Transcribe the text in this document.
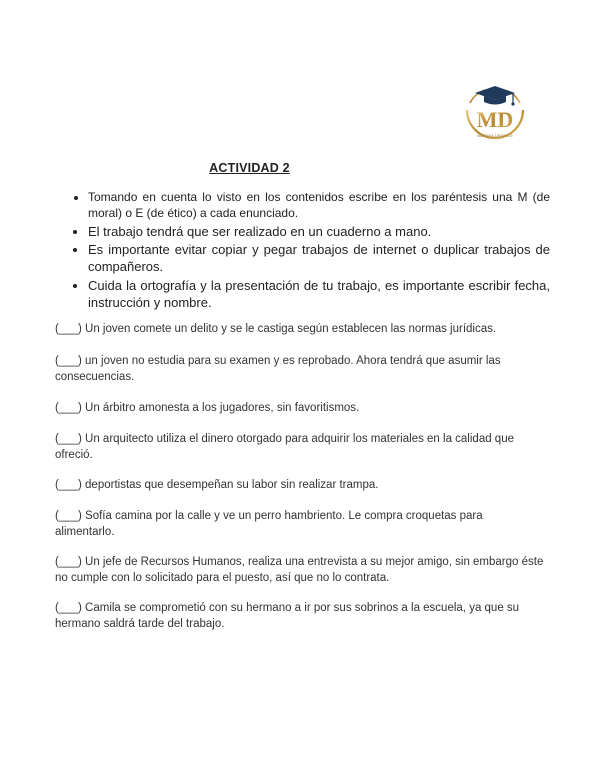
MD
MARTHA DEBAYLE
ACTIVIDAD 2
• Tomando en cuenta lo visto en los contenidos escribe en los paréntesis una M (de moral) o E (de ético) a cada enunciado.
• El trabajo tendrá que ser realizado en un cuaderno a mano.
• Es importante evitar copiar y pegar trabajos de internet o duplicar trabajos de compañeros.
• Cuida la ortografía y la presentación de tu trabajo, es importante escribir fecha, instrucción y nombre.

(___) Un joven comete un delito y se le castiga según establecen las normas jurídicas.

(___) un joven no estudia para su examen y es reprobado. Ahora tendrá que asumir las consecuencias.

(___) Un árbitro amonesta a los jugadores, sin favoritismos.

(___) Un arquitecto utiliza el dinero otorgado para adquirir los materiales en la calidad que ofreció.

(___) deportistas que desempeñan su labor sin realizar trampa.

(___) Sofía camina por la calle y ve un perro hambriento. Le compra croquetas para alimentarlo.

(___) Un jefe de Recursos Humanos, realiza una entrevista a su mejor amigo, sin embargo éste no cumple con lo solicitado para el puesto, así que no lo contrata.

(___) Camila se comprometió con su hermano a ir por sus sobrinos a la escuela, ya que su hermano saldrá tarde del trabajo.
